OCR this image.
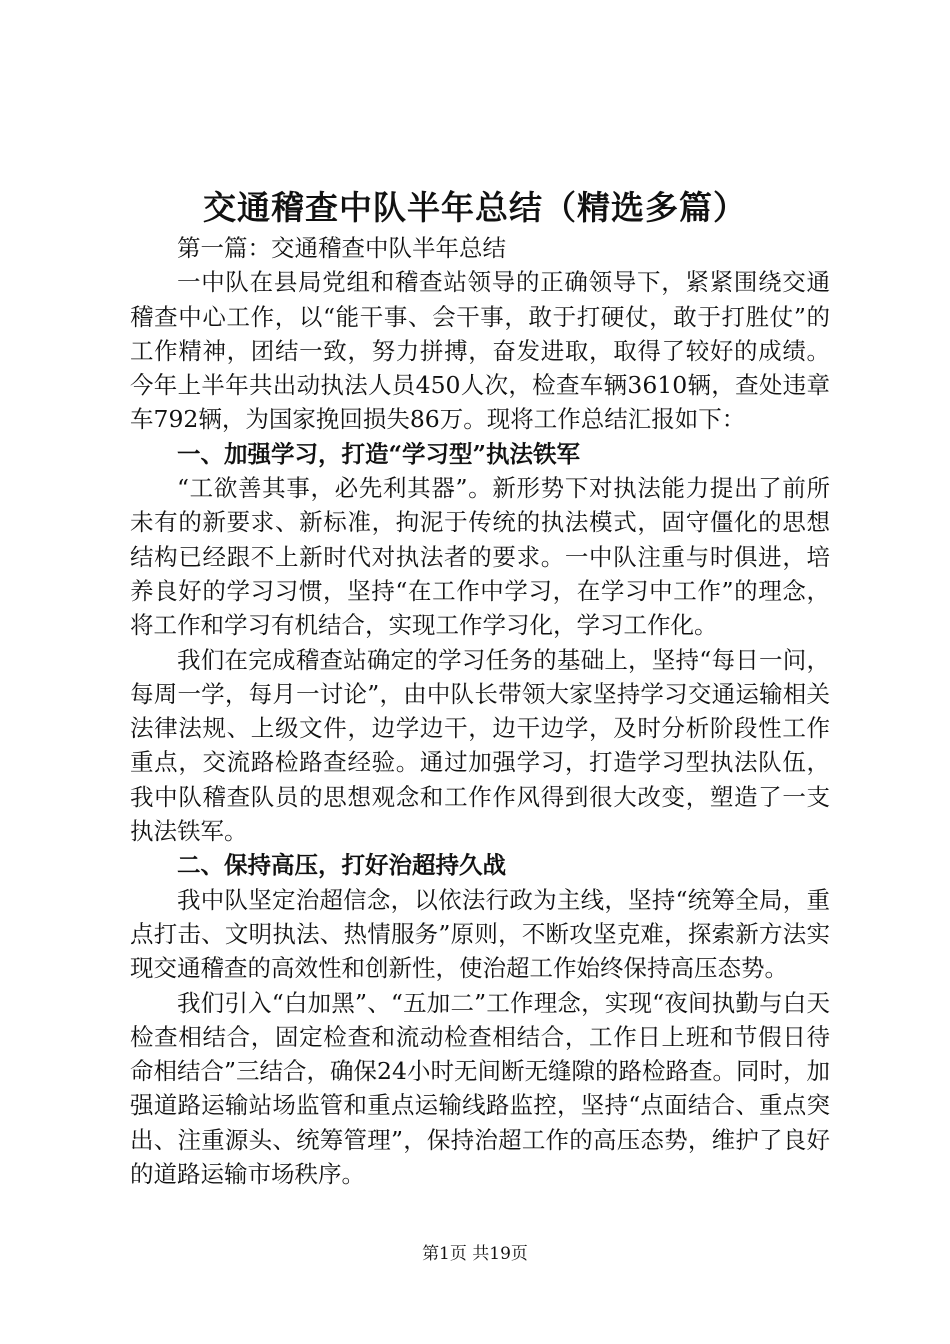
交通稽查中队半年总结（精选多篇）

第一篇：交通稽查中队半年总结

一中队在县局党组和稽查站领导的正确领导下，紧紧围绕交通稽查中心工作，以“能干事、会干事，敢于打硬仗，敢于打胜仗”的工作精神，团结一致，努力拼搏，奋发进取，取得了较好的成绩。今年上半年共出动执法人员450人次，检查车辆3610辆，查处违章车792辆，为国家挽回损失86万。现将工作总结汇报如下：

一、加强学习，打造“学习型”执法铁军

“工欲善其事，必先利其器”。新形势下对执法能力提出了前所未有的新要求、新标准，拘泥于传统的执法模式，固守僵化的思想结构已经跟不上新时代对执法者的要求。一中队注重与时俱进，培养良好的学习习惯，坚持“在工作中学习，在学习中工作”的理念，将工作和学习有机结合，实现工作学习化，学习工作化。

我们在完成稽查站确定的学习任务的基础上，坚持“每日一问，每周一学，每月一讨论”，由中队长带领大家坚持学习交通运输相关法律法规、上级文件，边学边干，边干边学，及时分析阶段性工作重点，交流路检路查经验。通过加强学习，打造学习型执法队伍，我中队稽查队员的思想观念和工作作风得到很大改变，塑造了一支执法铁军。

二、保持高压，打好治超持久战

我中队坚定治超信念，以依法行政为主线，坚持“统筹全局，重点打击、文明执法、热情服务”原则，不断攻坚克难，探索新方法实现交通稽查的高效性和创新性，使治超工作始终保持高压态势。

我们引入“白加黑”、“五加二”工作理念，实现“夜间执勤与白天检查相结合，固定检查和流动检查相结合，工作日上班和节假日待命相结合”三结合，确保24小时无间断无缝隙的路检路查。同时，加强道路运输站场监管和重点运输线路监控，坚持“点面结合、重点突出、注重源头、统筹管理”，保持治超工作的高压态势，维护了良好的道路运输市场秩序。

第1页 共19页
